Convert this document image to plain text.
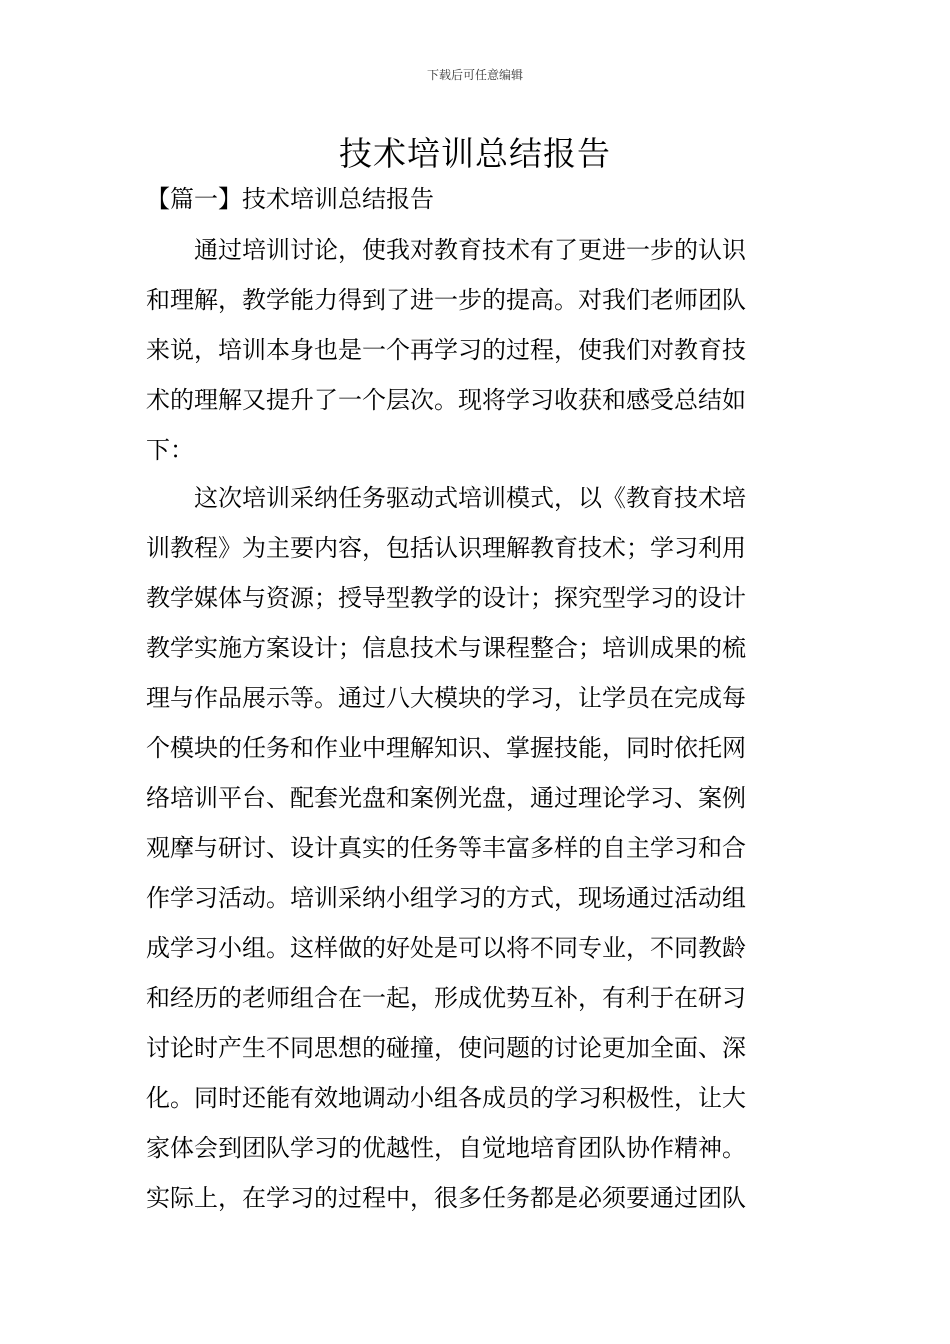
下载后可任意编辑
技术培训总结报告
【篇一】技术培训总结报告
　　通过培训讨论，使我对教育技术有了更进一步的认识
和理解，教学能力得到了进一步的提高。对我们老师团队
来说，培训本身也是一个再学习的过程，使我们对教育技
术的理解又提升了一个层次。现将学习收获和感受总结如
下：
　　这次培训采纳任务驱动式培训模式，以《教育技术培
训教程》为主要内容，包括认识理解教育技术；学习利用
教学媒体与资源；授导型教学的设计；探究型学习的设计
教学实施方案设计；信息技术与课程整合；培训成果的梳
理与作品展示等。通过八大模块的学习，让学员在完成每
个模块的任务和作业中理解知识、掌握技能，同时依托网
络培训平台、配套光盘和案例光盘，通过理论学习、案例
观摩与研讨、设计真实的任务等丰富多样的自主学习和合
作学习活动。培训采纳小组学习的方式，现场通过活动组
成学习小组。这样做的好处是可以将不同专业，不同教龄
和经历的老师组合在一起，形成优势互补，有利于在研习
讨论时产生不同思想的碰撞，使问题的讨论更加全面、深
化。同时还能有效地调动小组各成员的学习积极性，让大
家体会到团队学习的优越性，自觉地培育团队协作精神。
实际上，在学习的过程中，很多任务都是必须要通过团队
